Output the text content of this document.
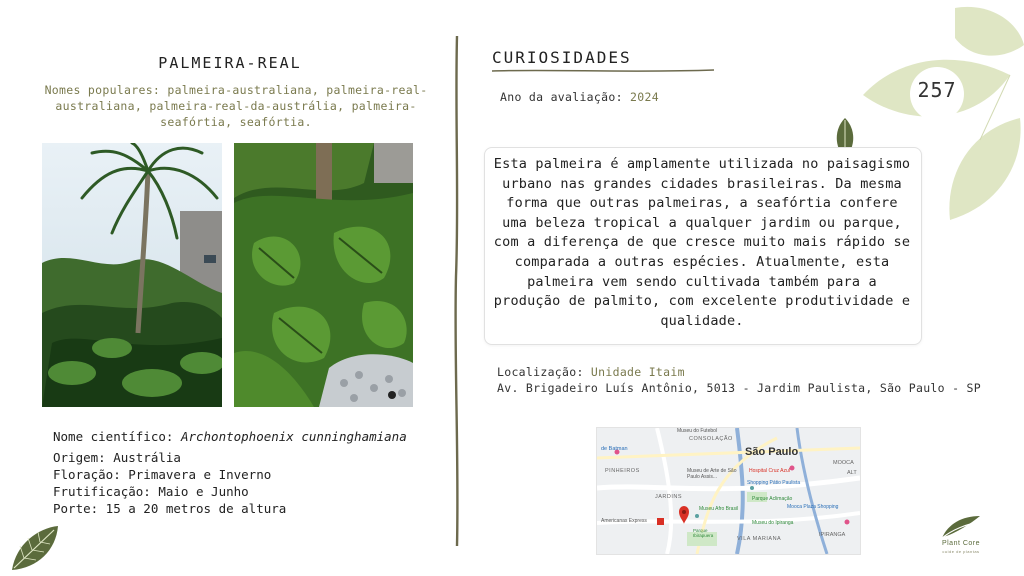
257
PALMEIRA-REAL
Nomes populares: palmeira-australiana, palmeira-real-australiana, palmeira-real-da-austrália, palmeira-seafórtia, seafórtia.
Nome científico: Archontophoenix cunninghamiana
Origem: Austrália
Floração: Primavera e Inverno
Frutificação: Maio e Junho
Porte: 15 a 20 metros de altura
CURIOSIDADES
Ano da avaliação: 2024
Esta palmeira é amplamente utilizada no paisagismo urbano nas grandes cidades brasileiras. Da mesma forma que outras palmeiras, a seafórtia confere uma beleza tropical a qualquer jardim ou parque, com a diferença de que cresce muito mais rápido se comparada a outras espécies. Atualmente, esta palmeira vem sendo cultivada também para a produção de palmito, com excelente produtividade e qualidade.
Localização: Unidade Itaim
Av. Brigadeiro Luís Antônio, 5013 - Jardim Paulista, São Paulo - SP
São Paulo
Museu do Futebol
CONSOLAÇÃO
de Batman
PINHEIROS	Museu de Arte de São Paulo Assis...
Hospital Cruz Azul
Shopping Pátio Paulista
MOOCA
JARDINS	Parque Aclimação
Mooca Plaza Shopping
Museu Afro Brasil
Parque Ibirapuera
Americanas Express	Museu do Ipiranga
VILA MARIANA
IPIRANGA
ALT
Plant Core
cuide de plantas
